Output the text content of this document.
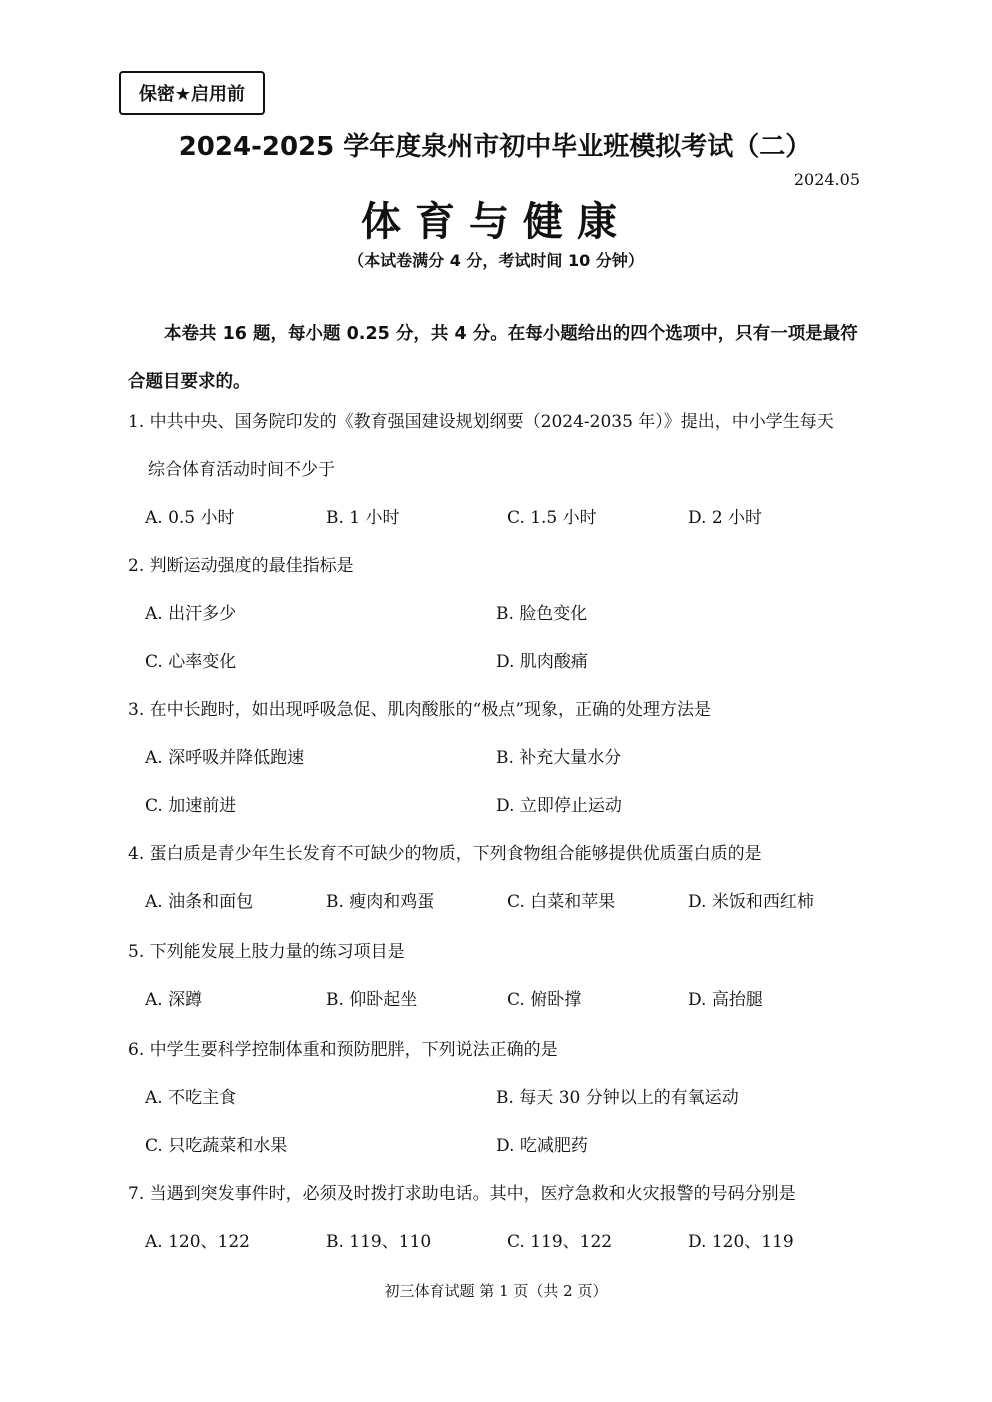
保密★启用前
2024-2025 学年度泉州市初中毕业班模拟考试（二）
2024.05
体育与健康
（本试卷满分 4 分，考试时间 10 分钟）
本卷共 16 题，每小题 0.25 分，共 4 分。在每小题给出的四个选项中，只有一项是最符合题目要求的。
1. 中共中央、国务院印发的《教育强国建设规划纲要（2024-2035 年）》提出，中小学生每天
综合体育活动时间不少于
A. 0.5 小时	B. 1 小时	C. 1.5 小时	D. 2 小时
2. 判断运动强度的最佳指标是
A. 出汗多少	B. 脸色变化
C. 心率变化	D. 肌肉酸痛
3. 在中长跑时，如出现呼吸急促、肌肉酸胀的“极点”现象，正确的处理方法是
A. 深呼吸并降低跑速	B. 补充大量水分
C. 加速前进	D. 立即停止运动
4. 蛋白质是青少年生长发育不可缺少的物质，下列食物组合能够提供优质蛋白质的是
A. 油条和面包	B. 瘦肉和鸡蛋	C. 白菜和苹果	D. 米饭和西红柿
5. 下列能发展上肢力量的练习项目是
A. 深蹲	B. 仰卧起坐	C. 俯卧撑	D. 高抬腿
6. 中学生要科学控制体重和预防肥胖，下列说法正确的是
A. 不吃主食	B. 每天 30 分钟以上的有氧运动
C. 只吃蔬菜和水果	D. 吃减肥药
7. 当遇到突发事件时，必须及时拨打求助电话。其中，医疗急救和火灾报警的号码分别是
A. 120、122	B. 119、110	C. 119、122	D. 120、119
初三体育试题 第 1 页（共 2 页）
